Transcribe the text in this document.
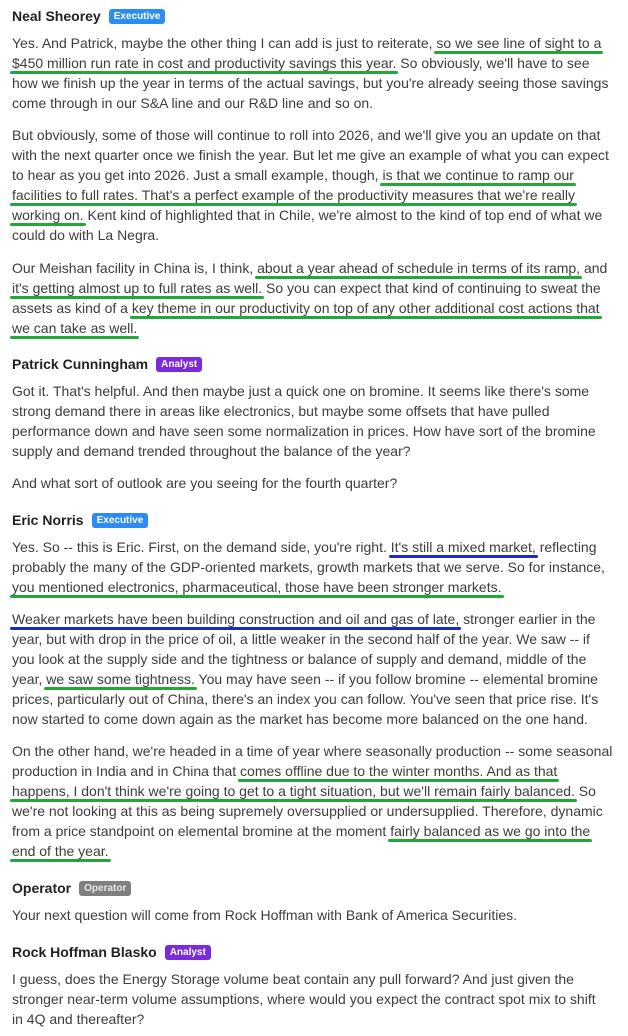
Neal Sheorey	Executive
Yes. And Patrick, maybe the other thing I can add is just to reiterate, so we see line of sight to a
$450 million run rate in cost and productivity savings this year. So obviously, we'll have to see
how we finish up the year in terms of the actual savings, but you're already seeing those savings
come through in our S&A line and our R&D line and so on.
But obviously, some of those will continue to roll into 2026, and we'll give you an update on that
with the next quarter once we finish the year. But let me give an example of what you can expect
to hear as you get into 2026. Just a small example, though, is that we continue to ramp our
facilities to full rates. That's a perfect example of the productivity measures that we're really
working on. Kent kind of highlighted that in Chile, we're almost to the kind of top end of what we
could do with La Negra.
Our Meishan facility in China is, I think, about a year ahead of schedule in terms of its ramp, and
it's getting almost up to full rates as well. So you can expect that kind of continuing to sweat the
assets as kind of a key theme in our productivity on top of any other additional cost actions that
we can take as well.
Patrick Cunningham	Analyst
Got it. That's helpful. And then maybe just a quick one on bromine. It seems like there's some
strong demand there in areas like electronics, but maybe some offsets that have pulled
performance down and have seen some normalization in prices. How have sort of the bromine
supply and demand trended throughout the balance of the year?
And what sort of outlook are you seeing for the fourth quarter?
Eric Norris	Executive
Yes. So -- this is Eric. First, on the demand side, you're right. It's still a mixed market, reflecting
probably the many of the GDP-oriented markets, growth markets that we serve. So for instance,
you mentioned electronics, pharmaceutical, those have been stronger markets.
Weaker markets have been building construction and oil and gas of late, stronger earlier in the
year, but with drop in the price of oil, a little weaker in the second half of the year. We saw -- if
you look at the supply side and the tightness or balance of supply and demand, middle of the
year, we saw some tightness. You may have seen -- if you follow bromine -- elemental bromine
prices, particularly out of China, there's an index you can follow. You've seen that price rise. It's
now started to come down again as the market has become more balanced on the one hand.
On the other hand, we're headed in a time of year where seasonally production -- some seasonal
production in India and in China that comes offline due to the winter months. And as that
happens, I don't think we're going to get to a tight situation, but we'll remain fairly balanced. So
we're not looking at this as being supremely oversupplied or undersupplied. Therefore, dynamic
from a price standpoint on elemental bromine at the moment fairly balanced as we go into the
end of the year.
Operator	Operator
Your next question will come from Rock Hoffman with Bank of America Securities.
Rock Hoffman Blasko	Analyst
I guess, does the Energy Storage volume beat contain any pull forward? And just given the
stronger near-term volume assumptions, where would you expect the contract spot mix to shift
in 4Q and thereafter?
